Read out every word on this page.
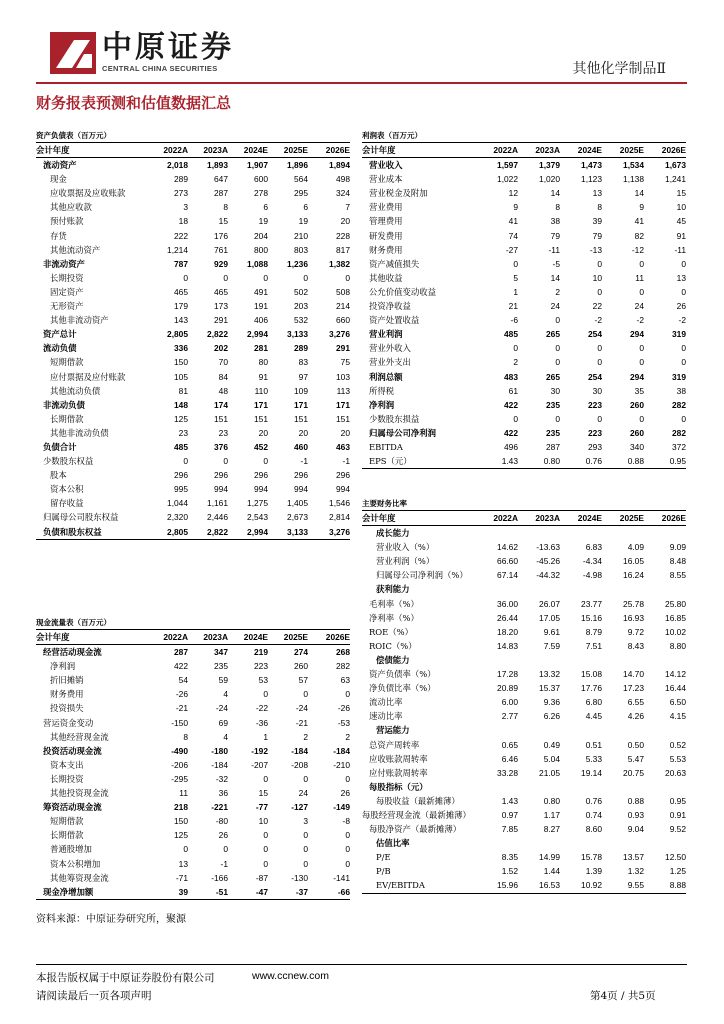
中原证券
CENTRAL CHINA SECURITIES	其他化学制品Ⅱ
财务报表预测和估值数据汇总
资产负债表（百万元）
会计年度	2022A	2023A	2024E	2025E	2026E
流动资产	2,018	1,893	1,907	1,896	1,894
现金	289	647	600	564	498
应收票据及应收账款	273	287	278	295	324
其他应收款	3	8	6	6	7
预付账款	18	15	19	19	20
存货	222	176	204	210	228
其他流动资产	1,214	761	800	803	817
非流动资产	787	929	1,088	1,236	1,382
长期投资	0	0	0	0	0
固定资产	465	465	491	502	508
无形资产	179	173	191	203	214
其他非流动资产	143	291	406	532	660
资产总计	2,805	2,822	2,994	3,133	3,276
流动负债	336	202	281	289	291
短期借款	150	70	80	83	75
应付票据及应付账款	105	84	91	97	103
其他流动负债	81	48	110	109	113
非流动负债	148	174	171	171	171
长期借款	125	151	151	151	151
其他非流动负债	23	23	20	20	20
负债合计	485	376	452	460	463
少数股东权益	0	0	0	-1	-1
股本	296	296	296	296	296
资本公积	995	994	994	994	994
留存收益	1,044	1,161	1,275	1,405	1,546
归属母公司股东权益	2,320	2,446	2,543	2,673	2,814
负债和股东权益	2,805	2,822	2,994	3,133	3,276
利润表（百万元）
会计年度	2022A	2023A	2024E	2025E	2026E
营业收入	1,597	1,379	1,473	1,534	1,673
营业成本	1,022	1,020	1,123	1,138	1,241
营业税金及附加	12	14	13	14	15
营业费用	9	8	8	9	10
管理费用	41	38	39	41	45
研发费用	74	79	79	82	91
财务费用	-27	-11	-13	-12	-11
资产减值损失	0	-5	0	0	0
其他收益	5	14	10	11	13
公允价值变动收益	1	2	0	0	0
投资净收益	21	24	22	24	26
资产处置收益	-6	0	-2	-2	-2
营业利润	485	265	254	294	319
营业外收入	0	0	0	0	0
营业外支出	2	0	0	0	0
利润总额	483	265	254	294	319
所得税	61	30	30	35	38
净利润	422	235	223	260	282
少数股东损益	0	0	0	0	0
归属母公司净利润	422	235	223	260	282
EBITDA	496	287	293	340	372
EPS（元）	1.43	0.80	0.76	0.88	0.95
主要财务比率
会计年度	2022A	2023A	2024E	2025E	2026E
成长能力					
营业收入（%）	14.62	-13.63	6.83	4.09	9.09
营业利润（%）	66.60	-45.26	-4.34	16.05	8.48
归属母公司净利润（%）	67.14	-44.32	-4.98	16.24	8.55
获利能力					
毛利率（%）	36.00	26.07	23.77	25.78	25.80
净利率（%）	26.44	17.05	15.16	16.93	16.85
ROE（%）	18.20	9.61	8.79	9.72	10.02
ROIC（%）	14.83	7.59	7.51	8.43	8.80
偿债能力					
资产负债率（%）	17.28	13.32	15.08	14.70	14.12
净负债比率（%）	20.89	15.37	17.76	17.23	16.44
流动比率	6.00	9.36	6.80	6.55	6.50
速动比率	2.77	6.26	4.45	4.26	4.15
营运能力					
总资产周转率	0.65	0.49	0.51	0.50	0.52
应收账款周转率	6.46	5.04	5.33	5.47	5.53
应付账款周转率	33.28	21.05	19.14	20.75	20.63
每股指标（元）					
每股收益（最新摊薄）	1.43	0.80	0.76	0.88	0.95
每股经营现金流（最新摊薄）	0.97	1.17	0.74	0.93	0.91
每股净资产（最新摊薄）	7.85	8.27	8.60	9.04	9.52
估值比率					
P/E	8.35	14.99	15.78	13.57	12.50
P/B	1.52	1.44	1.39	1.32	1.25
EV/EBITDA	15.96	16.53	10.92	9.55	8.88
现金流量表（百万元）
会计年度	2022A	2023A	2024E	2025E	2026E
经营活动现金流	287	347	219	274	268
净利润	422	235	223	260	282
折旧摊销	54	59	53	57	63
财务费用	-26	4	0	0	0
投资损失	-21	-24	-22	-24	-26
营运资金变动	-150	69	-36	-21	-53
其他经营现金流	8	4	1	2	2
投资活动现金流	-490	-180	-192	-184	-184
资本支出	-206	-184	-207	-208	-210
长期投资	-295	-32	0	0	0
其他投资现金流	11	36	15	24	26
筹资活动现金流	218	-221	-77	-127	-149
短期借款	150	-80	10	3	-8
长期借款	125	26	0	0	0
普通股增加	0	0	0	0	0
资本公积增加	13	-1	0	0	0
其他筹资现金流	-71	-166	-87	-130	-141
现金净增加额	39	-51	-47	-37	-66
资料来源：中原证券研究所，聚源
本报告版权属于中原证券股份有限公司	www.ccnew.com
请阅读最后一页各项声明	第4页 / 共5页
